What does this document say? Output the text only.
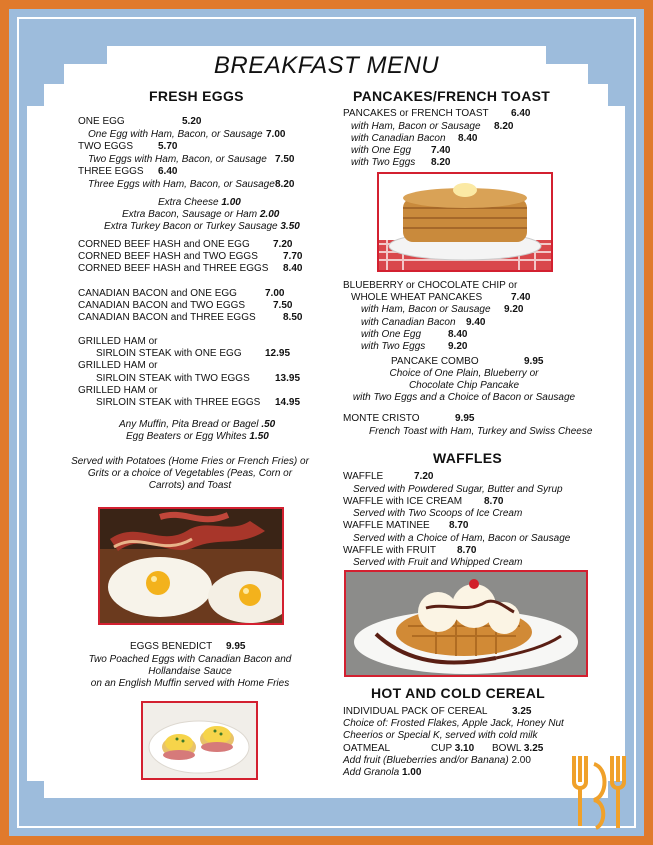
BREAKFAST MENU
FRESH EGGS
ONE EGG	5.20
One Egg with Ham, Bacon, or Sausage 7.00
TWO EGGS	5.70
Two Eggs with Ham, Bacon, or Sausage 7.50
THREE EGGS 6.40
Three Eggs with Ham, Bacon, or Sausage 8.20
Extra Cheese 1.00
Extra Bacon, Sausage or Ham 2.00
Extra Turkey Bacon or Turkey Sausage 3.50
CORNED BEEF HASH and ONE EGG 7.20
CORNED BEEF HASH and TWO EGGS	7.70
CORNED BEEF HASH and THREE EGGS 8.40
CANADIAN BACON and ONE EGG	7.00
CANADIAN BACON and TWO EGGS	7.50
CANADIAN BACON and THREE EGGS	8.50
GRILLED HAM or
SIRLOIN STEAK with ONE EGG 12.95
GRILLED HAM or
SIRLOIN STEAK with TWO EGGS	13.95
GRILLED HAM or
SIRLOIN STEAK with THREE EGGS 14.95
Any Muffin, Pita Bread or Bagel .50
Egg Beaters or Egg Whites 1.50
Served with Potatoes (Home Fries or French Fries) or
Grits or a choice of Vegetables (Peas, Corn or
Carrots) and Toast
EGGS BENEDICT 9.95
Two Poached Eggs with Canadian Bacon and
Hollandaise Sauce
on an English Muffin served with Home Fries
PANCAKES/FRENCH TOAST
PANCAKES or FRENCH TOAST 6.40
with Ham, Bacon or Sausage 8.20
with Canadian Bacon 8.40
with One Egg 7.40
with Two Eggs 8.20
BLUEBERRY or CHOCOLATE CHIP or
WHOLE WHEAT PANCAKES	7.40
with Ham, Bacon or Sausage 9.20
with Canadian Bacon 9.40
with One Egg	8.40
with Two Eggs 9.20
PANCAKE COMBO	9.95
Choice of One Plain, Blueberry or
Chocolate Chip Pancake
with Two Eggs and a Choice of Bacon or Sausage
MONTE CRISTO	9.95
French Toast with Ham, Turkey and Swiss Cheese
WAFFLES
WAFFLE	7.20
Served with Powdered Sugar, Butter and Syrup
WAFFLE with ICE CREAM 8.70
Served with Two Scoops of Ice Cream
WAFFLE MATINEE 8.70
Served with a Choice of Ham, Bacon or Sausage
WAFFLE with FRUIT 8.70
Served with Fruit and Whipped Cream
HOT AND COLD CEREAL
INDIVIDUAL PACK OF CEREAL 3.25
Choice of: Frosted Flakes, Apple Jack, Honey Nut
Cheerios or Special K, served with cold milk
OATMEAL	CUP 3.10 BOWL 3.25
Add fruit (Blueberries and/or Banana) 2.00
Add Granola 1.00
